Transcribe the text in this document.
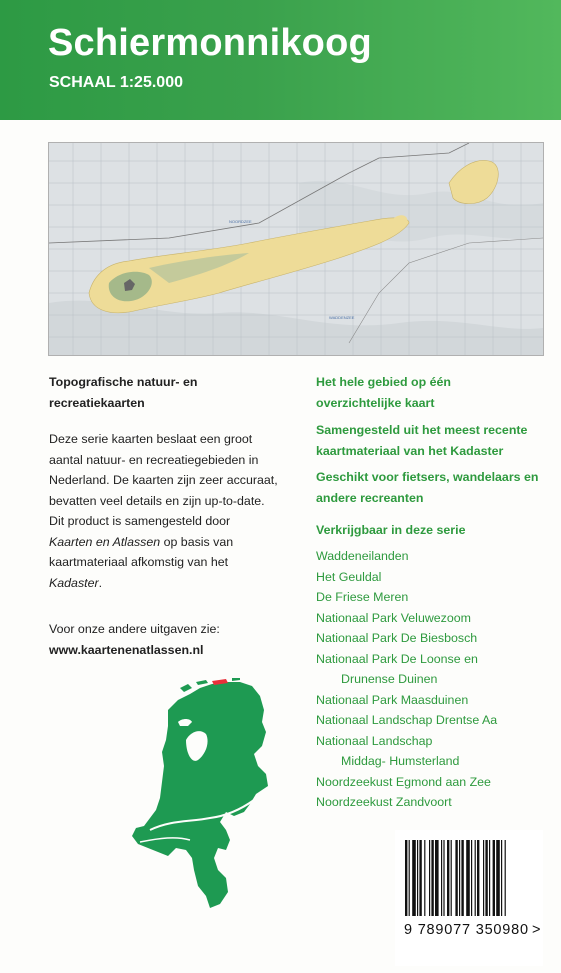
Schiermonnikoog
SCHAAL 1:25.000
WADDENZEE
NOORDZEE
Topografische natuur- en
recreatiekaarten
Deze serie kaarten beslaat een groot
aantal natuur- en recreatiegebieden in
Nederland. De kaarten zijn zeer accuraat,
bevatten veel details en zijn up-to-date.
Dit product is samengesteld door
Kaarten en Atlassen op basis van
kaartmateriaal afkomstig van het
Kadaster.
Voor onze andere uitgaven zie:
www.kaartenenatlassen.nl
Het hele gebied op één
overzichtelijke kaart
Samengesteld uit het meest recente
kaartmateriaal van het Kadaster
Geschikt voor fietsers, wandelaars en
andere recreanten
Verkrijgbaar in deze serie
Waddeneilanden
Het Geuldal
De Friese Meren
Nationaal Park Veluwezoom
Nationaal Park De Biesbosch
Nationaal Park De Loonse en
Drunense Duinen
Nationaal Park Maasduinen
Nationaal Landschap Drentse Aa
Nationaal Landschap
Middag- Humsterland
Noordzeekust Egmond aan Zee
Noordzeekust Zandvoort
9 789077 350980 >
